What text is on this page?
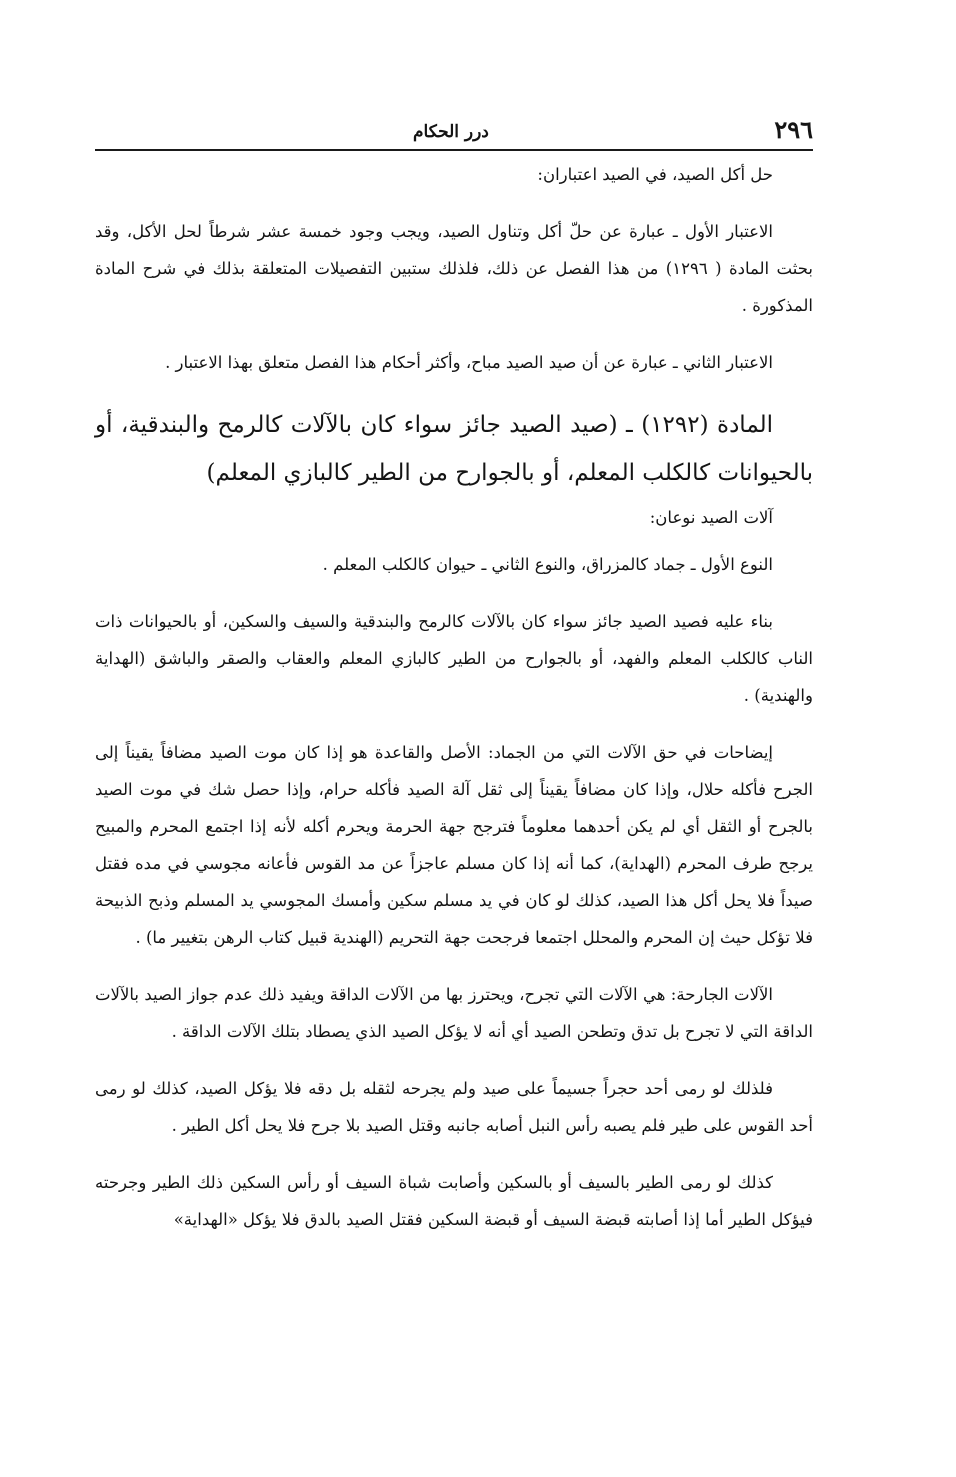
٢٩٦
درر الحكام

حل أكل الصيد، في الصيد اعتباران:

الاعتبار الأول ـ عبارة عن حلّ أكل وتناول الصيد، ويجب وجود خمسة عشر شرطاً لحل الأكل، وقد بحثت المادة ( ١٢٩٦) من هذا الفصل عن ذلك، فلذلك ستبين التفصيلات المتعلقة بذلك في شرح المادة المذكورة .

الاعتبار الثاني ـ عبارة عن أن صيد الصيد مباح، وأكثر أحكام هذا الفصل متعلق بهذا الاعتبار .

المادة (١٢٩٢) ـ (صيد الصيد جائز سواء كان بالآلات كالرمح والبندقية، أو بالحيوانات كالكلب المعلم، أو بالجوارح من الطير كالبازي المعلم)

آلات الصيد نوعان:

النوع الأول ـ جماد كالمزراق، والنوع الثاني ـ حيوان كالكلب المعلم .

بناء عليه فصيد الصيد جائز سواء كان بالآلات كالرمح والبندقية والسيف والسكين، أو بالحيوانات ذات الناب كالكلب المعلم والفهد، أو بالجوارح من الطير كالبازي المعلم والعقاب والصقر والباشق (الهداية والهندية) .

إيضاحات في حق الآلات التي من الجماد: الأصل والقاعدة هو إذا كان موت الصيد مضافاً يقيناً إلى الجرح فأكله حلال، وإذا كان مضافاً يقيناً إلى ثقل آلة الصيد فأكله حرام، وإذا حصل شك في موت الصيد بالجرح أو الثقل أي لم يكن أحدهما معلوماً فترجح جهة الحرمة ويحرم أكله لأنه إذا اجتمع المحرم والمبيح يرجح طرف المحرم (الهداية)، كما أنه إذا كان مسلم عاجزاً عن مد القوس فأعانه مجوسي في مده فقتل صيداً فلا يحل أكل هذا الصيد، كذلك لو كان في يد مسلم سكين وأمسك المجوسي يد المسلم وذبح الذبيحة فلا تؤكل حيث إن المحرم والمحلل اجتمعا فرجحت جهة التحريم (الهندية قبيل كتاب الرهن بتغيير ما) .

الآلات الجارحة: هي الآلات التي تجرح، ويحترز بها من الآلات الداقة ويفيد ذلك عدم جواز الصيد بالآلات الداقة التي لا تجرح بل تدق وتطحن الصيد أي أنه لا يؤكل الصيد الذي يصطاد بتلك الآلات الداقة .

فلذلك لو رمى أحد حجراً جسيماً على صيد ولم يجرحه لثقله بل دقه فلا يؤكل الصيد، كذلك لو رمى أحد القوس على طير فلم يصبه رأس النبل أصابه جانبه وقتل الصيد بلا جرح فلا يحل أكل الطير .

كذلك لو رمى الطير بالسيف أو بالسكين وأصابت شباة السيف أو رأس السكين ذلك الطير وجرحته فيؤكل الطير أما إذا أصابته قبضة السيف أو قبضة السكين فقتل الصيد بالدق فلا يؤكل «الهداية»
